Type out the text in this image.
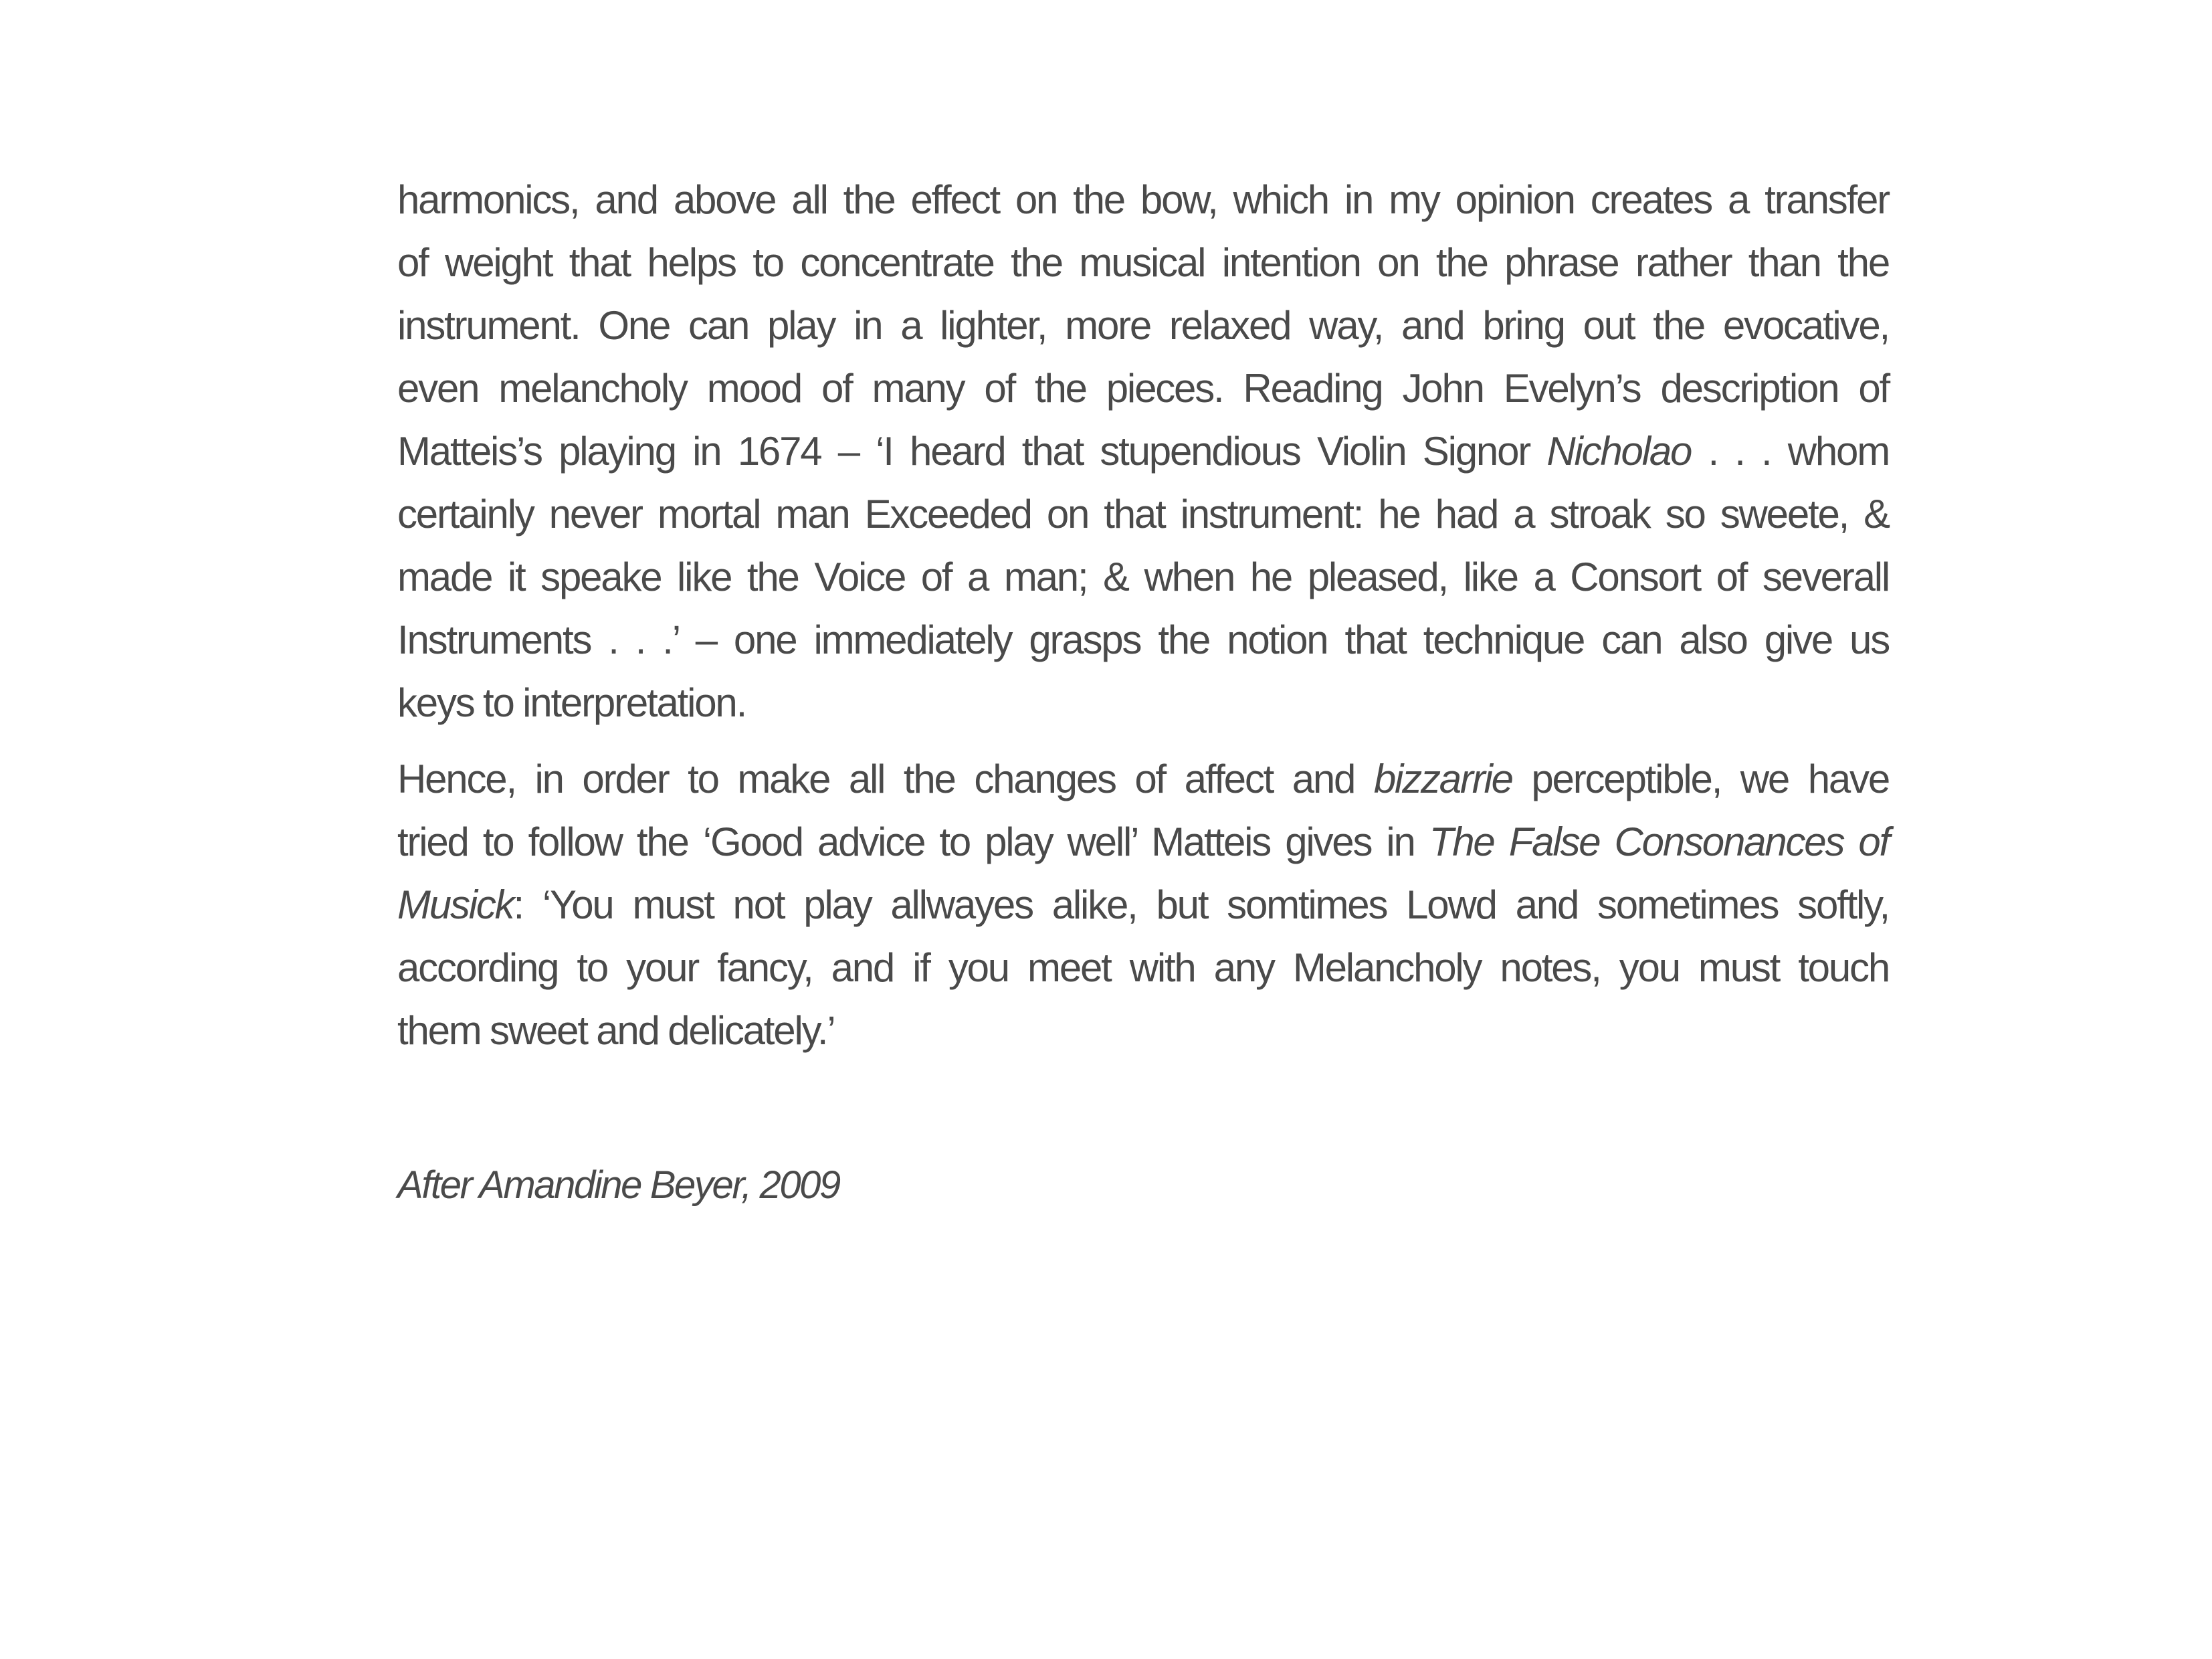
harmonics, and above all the effect on the bow, which in my opinion creates a transfer
of weight that helps to concentrate the musical intention on the phrase rather than the
instrument. One can play in a lighter, more relaxed way, and bring out the evocative,
even melancholy mood of many of the pieces. Reading John Evelyn’s description of
Matteis’s playing in 1674 – ‘I heard that stupendious Violin Signor Nicholao . . . whom
certainly never mortal man Exceeded on that instrument: he had a stroak so sweete, &
made it speake like the Voice of a man; & when he pleased, like a Consort of severall
Instruments . . .’ – one immediately grasps the notion that technique can also give us
keys to interpretation.

Hence, in order to make all the changes of affect and bizzarrie perceptible, we have
tried to follow the ‘Good advice to play well’ Matteis gives in The False Consonances of
Musick: ‘You must not play allwayes alike, but somtimes Lowd and sometimes softly,
according to your fancy, and if you meet with any Melancholy notes, you must touch
them sweet and delicately.’

After Amandine Beyer, 2009
